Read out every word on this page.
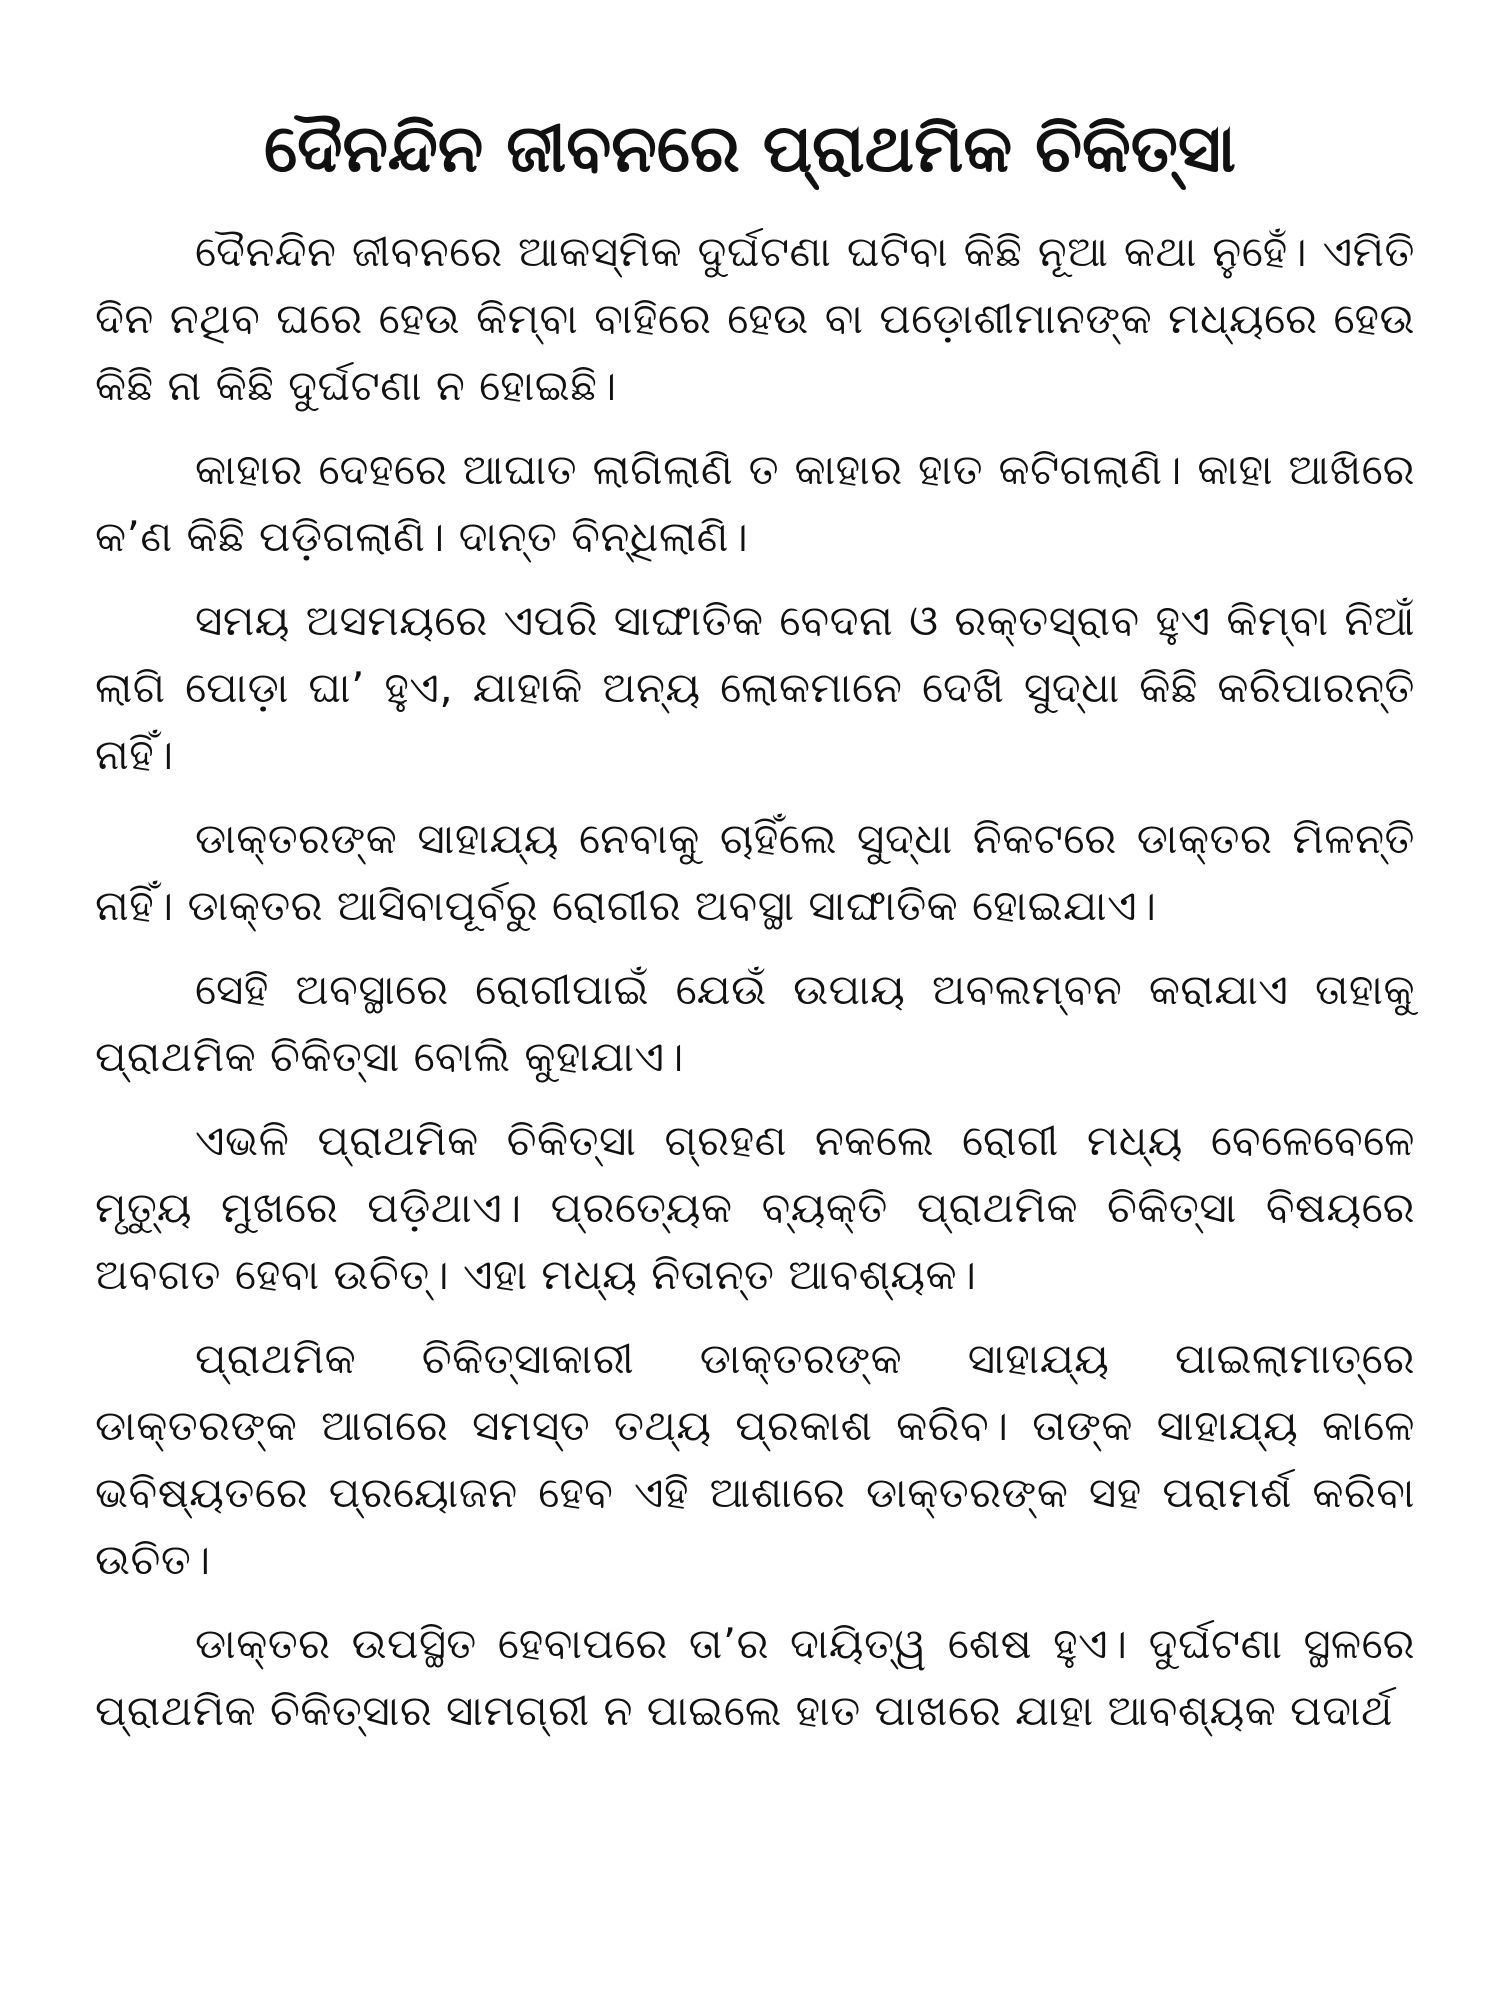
ଦୈନନ୍ଦିନ ଜୀବନରେ ପ୍ରାଥମିକ ଚିକିତ୍ସା

ଦୈନନ୍ଦିନ ଜୀବନରେ ଆକସ୍ମିକ ଦୁର୍ଘଟଣା ଘଟିବା କିଛି ନୂଆ କଥା ନୁହେଁ। ଏମିତି ଦିନ ନଥିବ ଘରେ ହେଉ କିମ୍ବା ବାହିରେ ହେଉ ବା ପଡ଼ୋଶୀମାନଙ୍କ ମଧ୍ୟରେ ହେଉ କିଛି ନା କିଛି ଦୁର୍ଘଟଣା ନ ହୋଇଛି।

କାହାର ଦେହରେ ଆଘାତ ଲାଗିଲାଣି ତ କାହାର ହାତ କଟିଗଲାଣି। କାହା ଆଖିରେ କ’ଣ କିଛି ପଡ଼ିଗଲାଣି। ଦାନ୍ତ ବିନ୍ଧିଲାଣି।

ସମୟ ଅସମୟରେ ଏପରି ସାଙ୍ଘାତିକ ବେଦନା ଓ ରକ୍ତସ୍ରାବ ହୁଏ କିମ୍ବା ନିଆଁ ଲାଗି ପୋଡ଼ା ଘା’ ହୁଏ, ଯାହାକି ଅନ୍ୟ ଲୋକମାନେ ଦେଖି ସୁଦ୍ଧା କିଛି କରିପାରନ୍ତି ନାହିଁ।

ଡାକ୍ତରଙ୍କ ସାହାଯ୍ୟ ନେବାକୁ ଚାହିଁଲେ ସୁଦ୍ଧା ନିକଟରେ ଡାକ୍ତର ମିଳନ୍ତି ନାହିଁ। ଡାକ୍ତର ଆସିବାପୂର୍ବରୁ ରୋଗୀର ଅବସ୍ଥା ସାଙ୍ଘାତିକ ହୋଇଯାଏ।

ସେହି ଅବସ୍ଥାରେ ରୋଗୀପାଇଁ ଯେଉଁ ଉପାୟ ଅବଲମ୍ବନ କରାଯାଏ ତାହାକୁ ପ୍ରାଥମିକ ଚିକିତ୍ସା ବୋଲି କୁହାଯାଏ।

ଏଭଳି ପ୍ରାଥମିକ ଚିକିତ୍ସା ଗ୍ରହଣ ନକଲେ ରୋଗୀ ମଧ୍ୟ ବେଳେବେଳେ ମୃତ୍ୟୁ ମୁଖରେ ପଡ଼ିଥାଏ। ପ୍ରତ୍ୟେକ ବ୍ୟକ୍ତି ପ୍ରାଥମିକ ଚିକିତ୍ସା ବିଷୟରେ ଅବଗତ ହେବା ଉଚିତ୍। ଏହା ମଧ୍ୟ ନିତାନ୍ତ ଆବଶ୍ୟକ।

ପ୍ରାଥମିକ ଚିକିତ୍ସାକାରୀ ଡାକ୍ତରଙ୍କ ସାହାଯ୍ୟ ପାଇଲାମାତ୍ରେ ଡାକ୍ତରଙ୍କ ଆଗରେ ସମସ୍ତ ତଥ୍ୟ ପ୍ରକାଶ କରିବ। ତାଙ୍କ ସାହାଯ୍ୟ କାଳେ ଭବିଷ୍ୟତରେ ପ୍ରୟୋଜନ ହେବ ଏହି ଆଶାରେ ଡାକ୍ତରଙ୍କ ସହ ପରାମର୍ଶ କରିବା ଉଚିତ।

ଡାକ୍ତର ଉପସ୍ଥିତ ହେବାପରେ ତା’ର ଦାୟିତ୍ୱ ଶେଷ ହୁଏ। ଦୁର୍ଘଟଣା ସ୍ଥଳରେ ପ୍ରାଥମିକ ଚିକିତ୍ସାର ସାମଗ୍ରୀ ନ ପାଇଲେ ହାତ ପାଖରେ ଯାହା ଆବଶ୍ୟକ ପଦାର୍ଥ
